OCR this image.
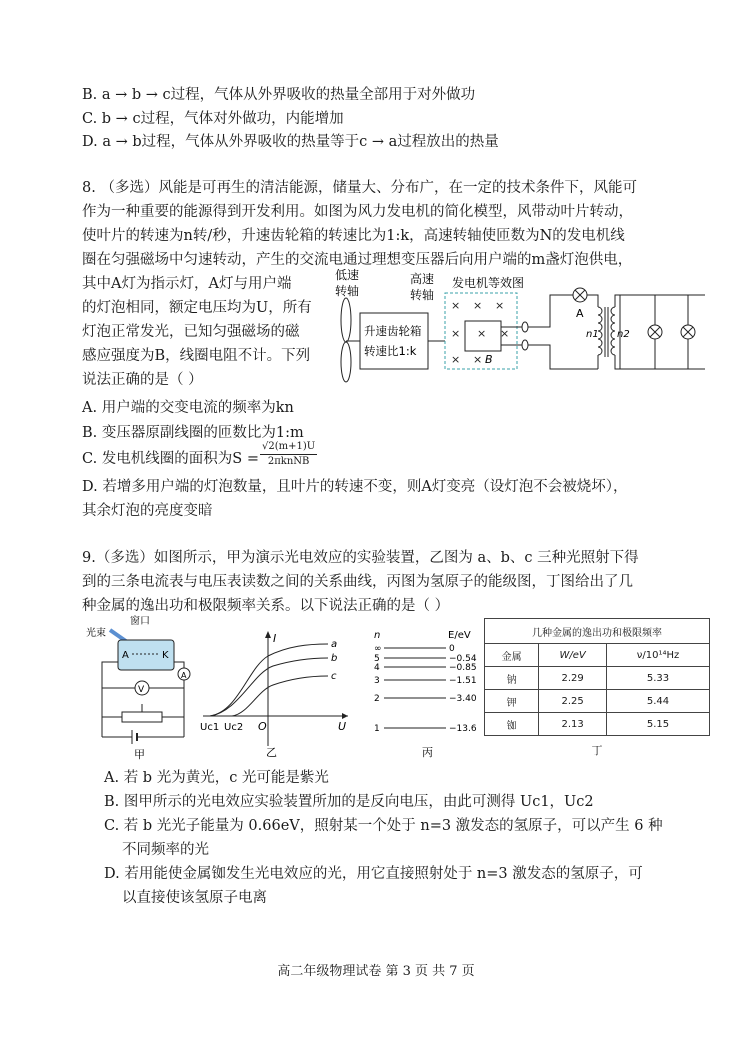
B. a → b → c过程，气体从外界吸收的热量全部用于对外做功
C. b → c过程，气体对外做功，内能增加
D. a → b过程，气体从外界吸收的热量等于c → a过程放出的热量
8. （多选）风能是可再生的清洁能源，储量大、分布广，在一定的技术条件下，风能可
作为一种重要的能源得到开发利用。如图为风力发电机的简化模型，风带动叶片转动，
使叶片的转速为n转/秒，升速齿轮箱的转速比为1:k，高速转轴使匝数为N的发电机线
圈在匀强磁场中匀速转动，产生的交流电通过理想变压器后向用户端的m盏灯泡供电，
其中A灯为指示灯，A灯与用户端
的灯泡相同，额定电压均为U，所有
灯泡正常发光，已知匀强磁场的磁
感应强度为B，线圈电阻不计。下列
说法正确的是（ ）
低速
转轴
升速齿轮箱
转速比1:k
高速
转轴
发电机等效图
× × ×
× × ×
× × B
A
n1 n2
A. 用户端的交变电流的频率为kn
B. 变压器原副线圈的匝数比为1:m
C. 发电机线圈的面积为S =
√2(m+1)U
2πknNB
D. 若增多用户端的灯泡数量，且叶片的转速不变，则A灯变亮（设灯泡不会被烧坏），
其余灯泡的亮度变暗
9.（多选）如图所示，甲为演示光电效应的实验装置，乙图为 a、b、c 三种光照射下得
到的三条电流表与电压表读数之间的关系曲线，丙图为氢原子的能级图，丁图给出了几
种金属的逸出功和极限频率关系。以下说法正确的是（ ）
光束
窗口
A	K
V
A
甲
I
U
O
Uc1 Uc2
a
b
c
乙
n	E/eV
∞	0
5	−0.54
4	−0.85
3	−1.51
2	−3.40
1	−13.6
丙
几种金属的逸出功和极限频率		
金属	W/eV	ν/10¹⁴Hz
钠	2.29	5.33
钾	2.25	5.44
铷	2.13	5.15
丁
A. 若 b 光为黄光，c 光可能是紫光
B. 图甲所示的光电效应实验装置所加的是反向电压，由此可测得 Uc1，Uc2
C. 若 b 光光子能量为 0.66eV，照射某一个处于 n=3 激发态的氢原子，可以产生 6 种
不同频率的光
D. 若用能使金属铷发生光电效应的光，用它直接照射处于 n=3 激发态的氢原子，可
以直接使该氢原子电离
高二年级物理试卷 第 3 页 共 7 页
